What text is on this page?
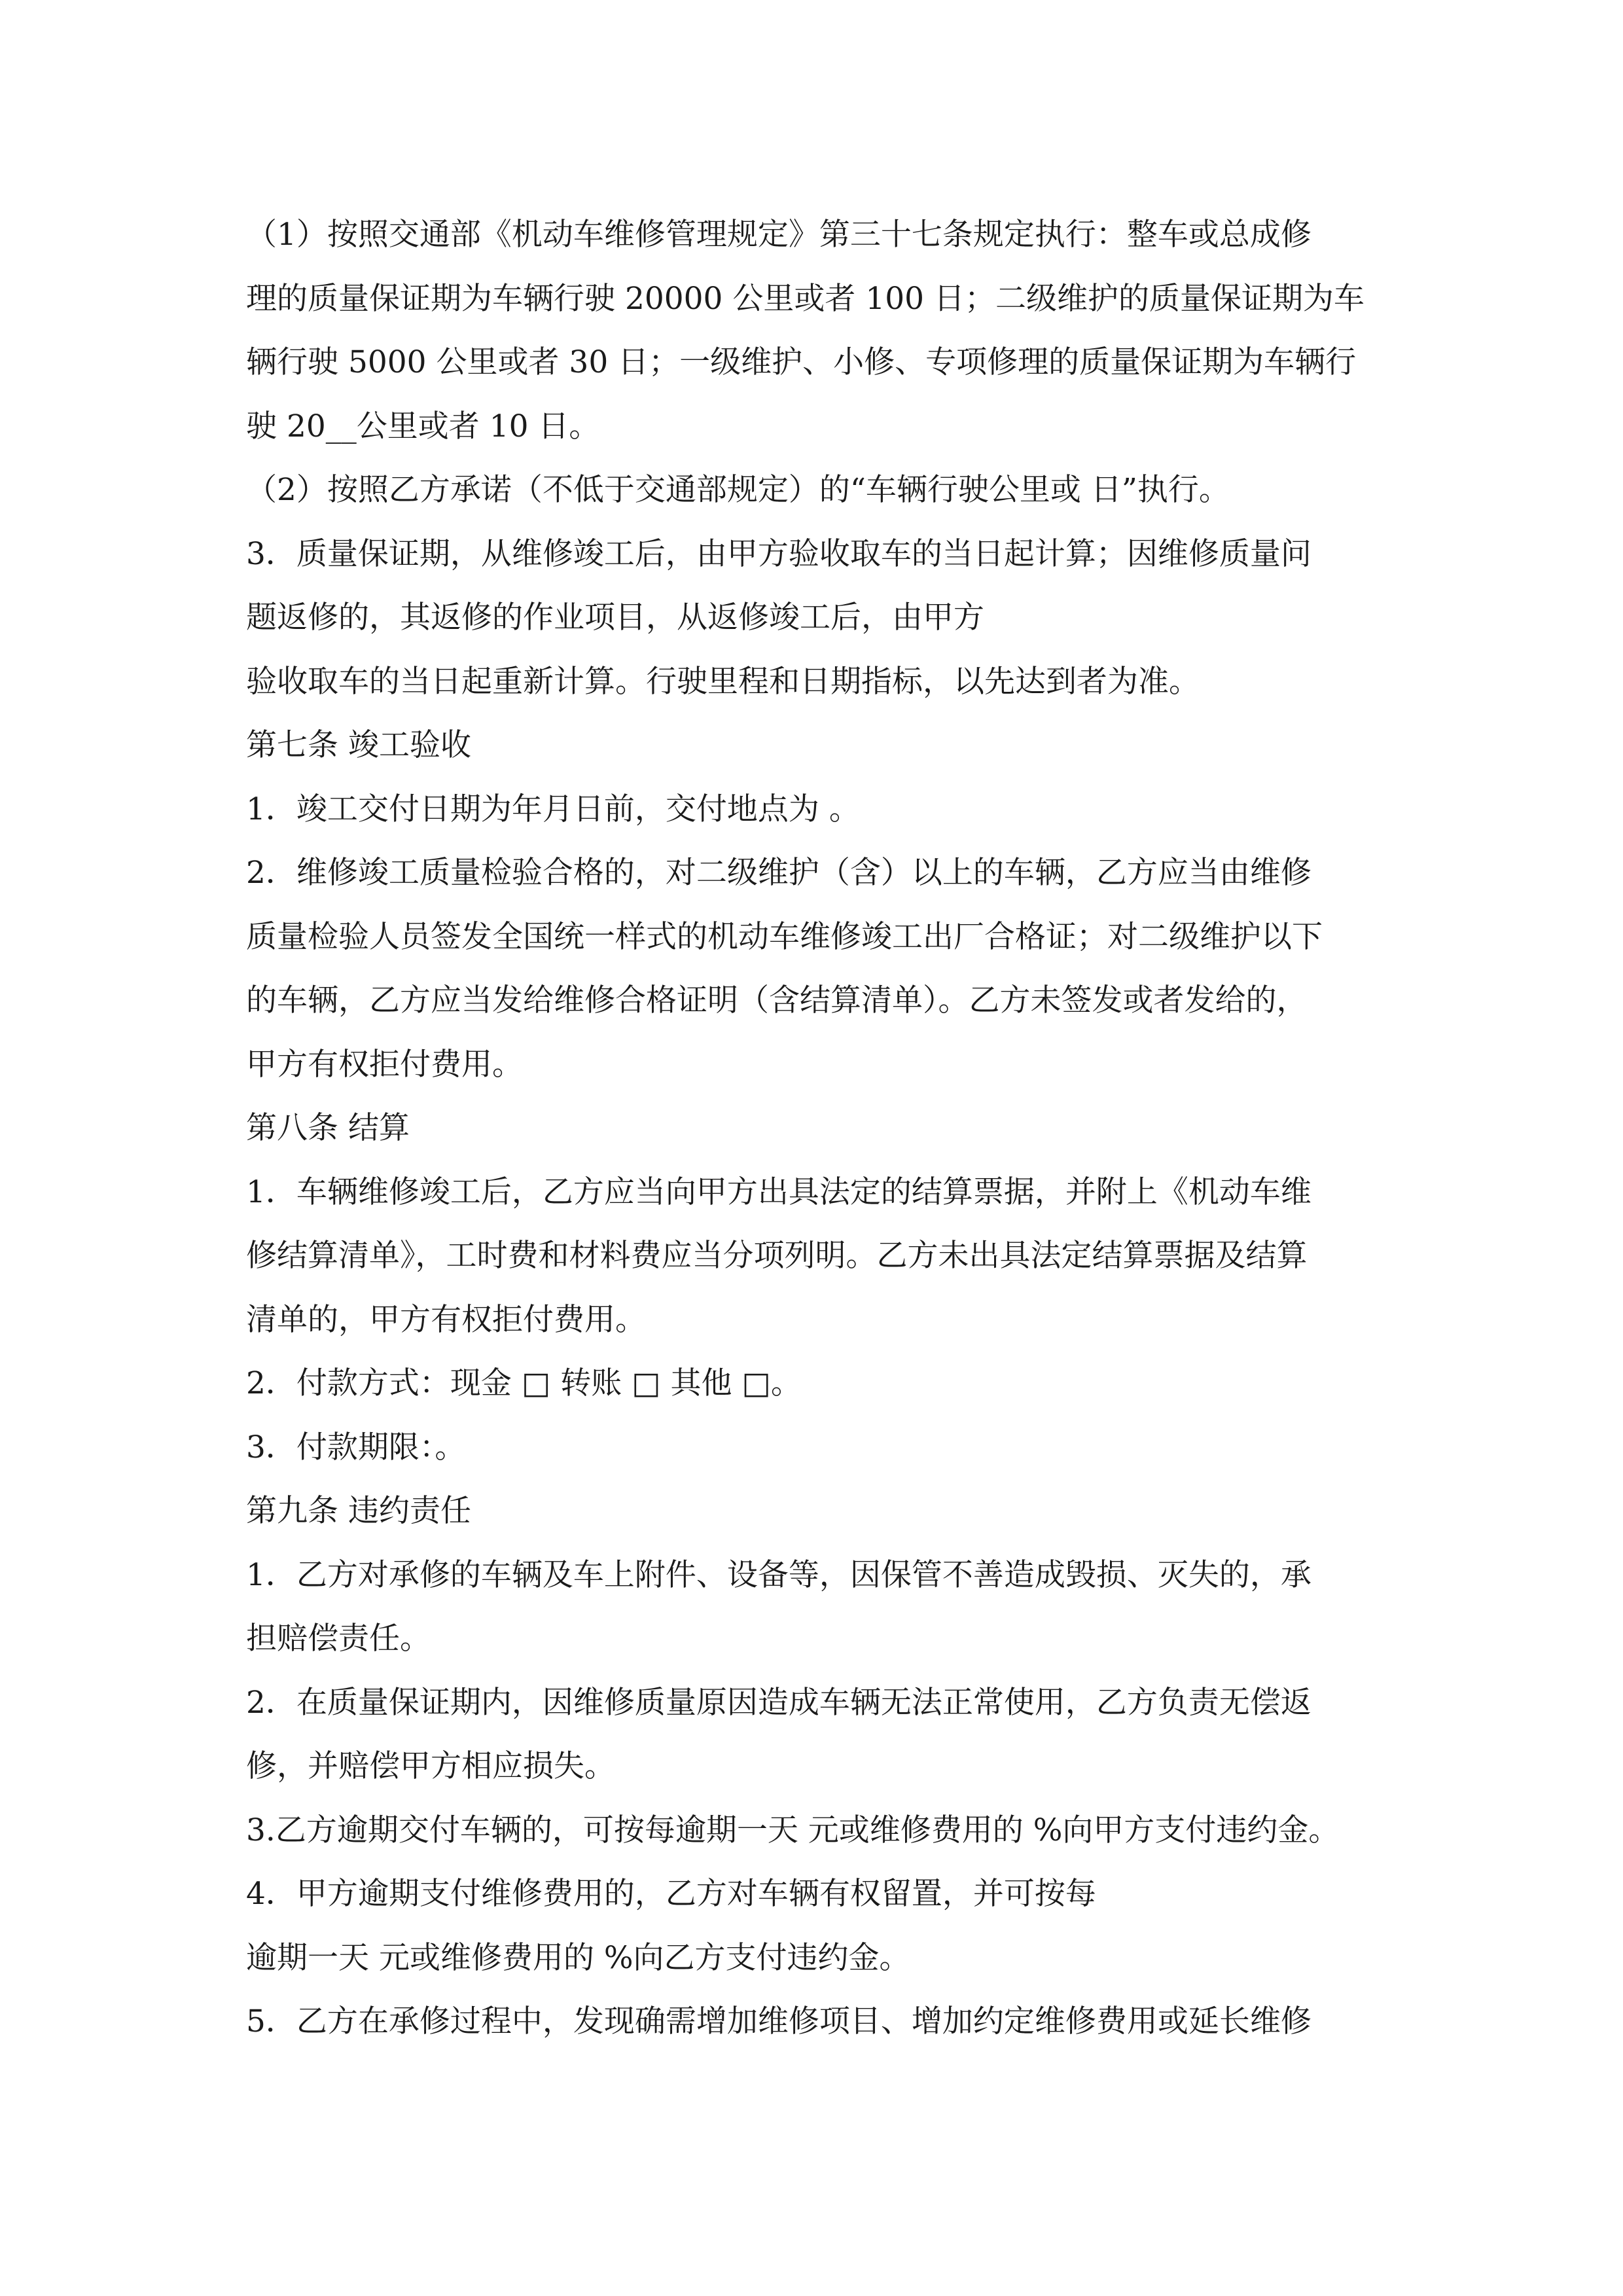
（1）按照交通部《机动车维修管理规定》第三十七条规定执行：整车或总成修
理的质量保证期为车辆行驶 20000 公里或者 100 日；二级维护的质量保证期为车
辆行驶 5000 公里或者 30 日；一级维护、小修、专项修理的质量保证期为车辆行
驶 20__公里或者 10 日。
（2）按照乙方承诺（不低于交通部规定）的“车辆行驶公里或 日”执行。
3．质量保证期，从维修竣工后，由甲方验收取车的当日起计算；因维修质量问
题返修的，其返修的作业项目，从返修竣工后，由甲方
验收取车的当日起重新计算。行驶里程和日期指标，以先达到者为准。
第七条 竣工验收
1．竣工交付日期为年月日前，交付地点为 。
2．维修竣工质量检验合格的，对二级维护（含）以上的车辆，乙方应当由维修
质量检验人员签发全国统一样式的机动车维修竣工出厂合格证；对二级维护以下
的车辆，乙方应当发给维修合格证明（含结算清单）。乙方未签发或者发给的，
甲方有权拒付费用。
第八条 结算
1．车辆维修竣工后，乙方应当向甲方出具法定的结算票据，并附上《机动车维
修结算清单》，工时费和材料费应当分项列明。乙方未出具法定结算票据及结算
清单的，甲方有权拒付费用。
2．付款方式：现金 □ 转账 □ 其他 □。
3．付款期限：。
第九条 违约责任
1．乙方对承修的车辆及车上附件、设备等，因保管不善造成毁损、灭失的，承
担赔偿责任。
2．在质量保证期内，因维修质量原因造成车辆无法正常使用，乙方负责无偿返
修，并赔偿甲方相应损失。
3.乙方逾期交付车辆的，可按每逾期一天 元或维修费用的 %向甲方支付违约金。
4．甲方逾期支付维修费用的，乙方对车辆有权留置，并可按每
逾期一天 元或维修费用的 %向乙方支付违约金。
5．乙方在承修过程中，发现确需增加维修项目、增加约定维修费用或延长维修
